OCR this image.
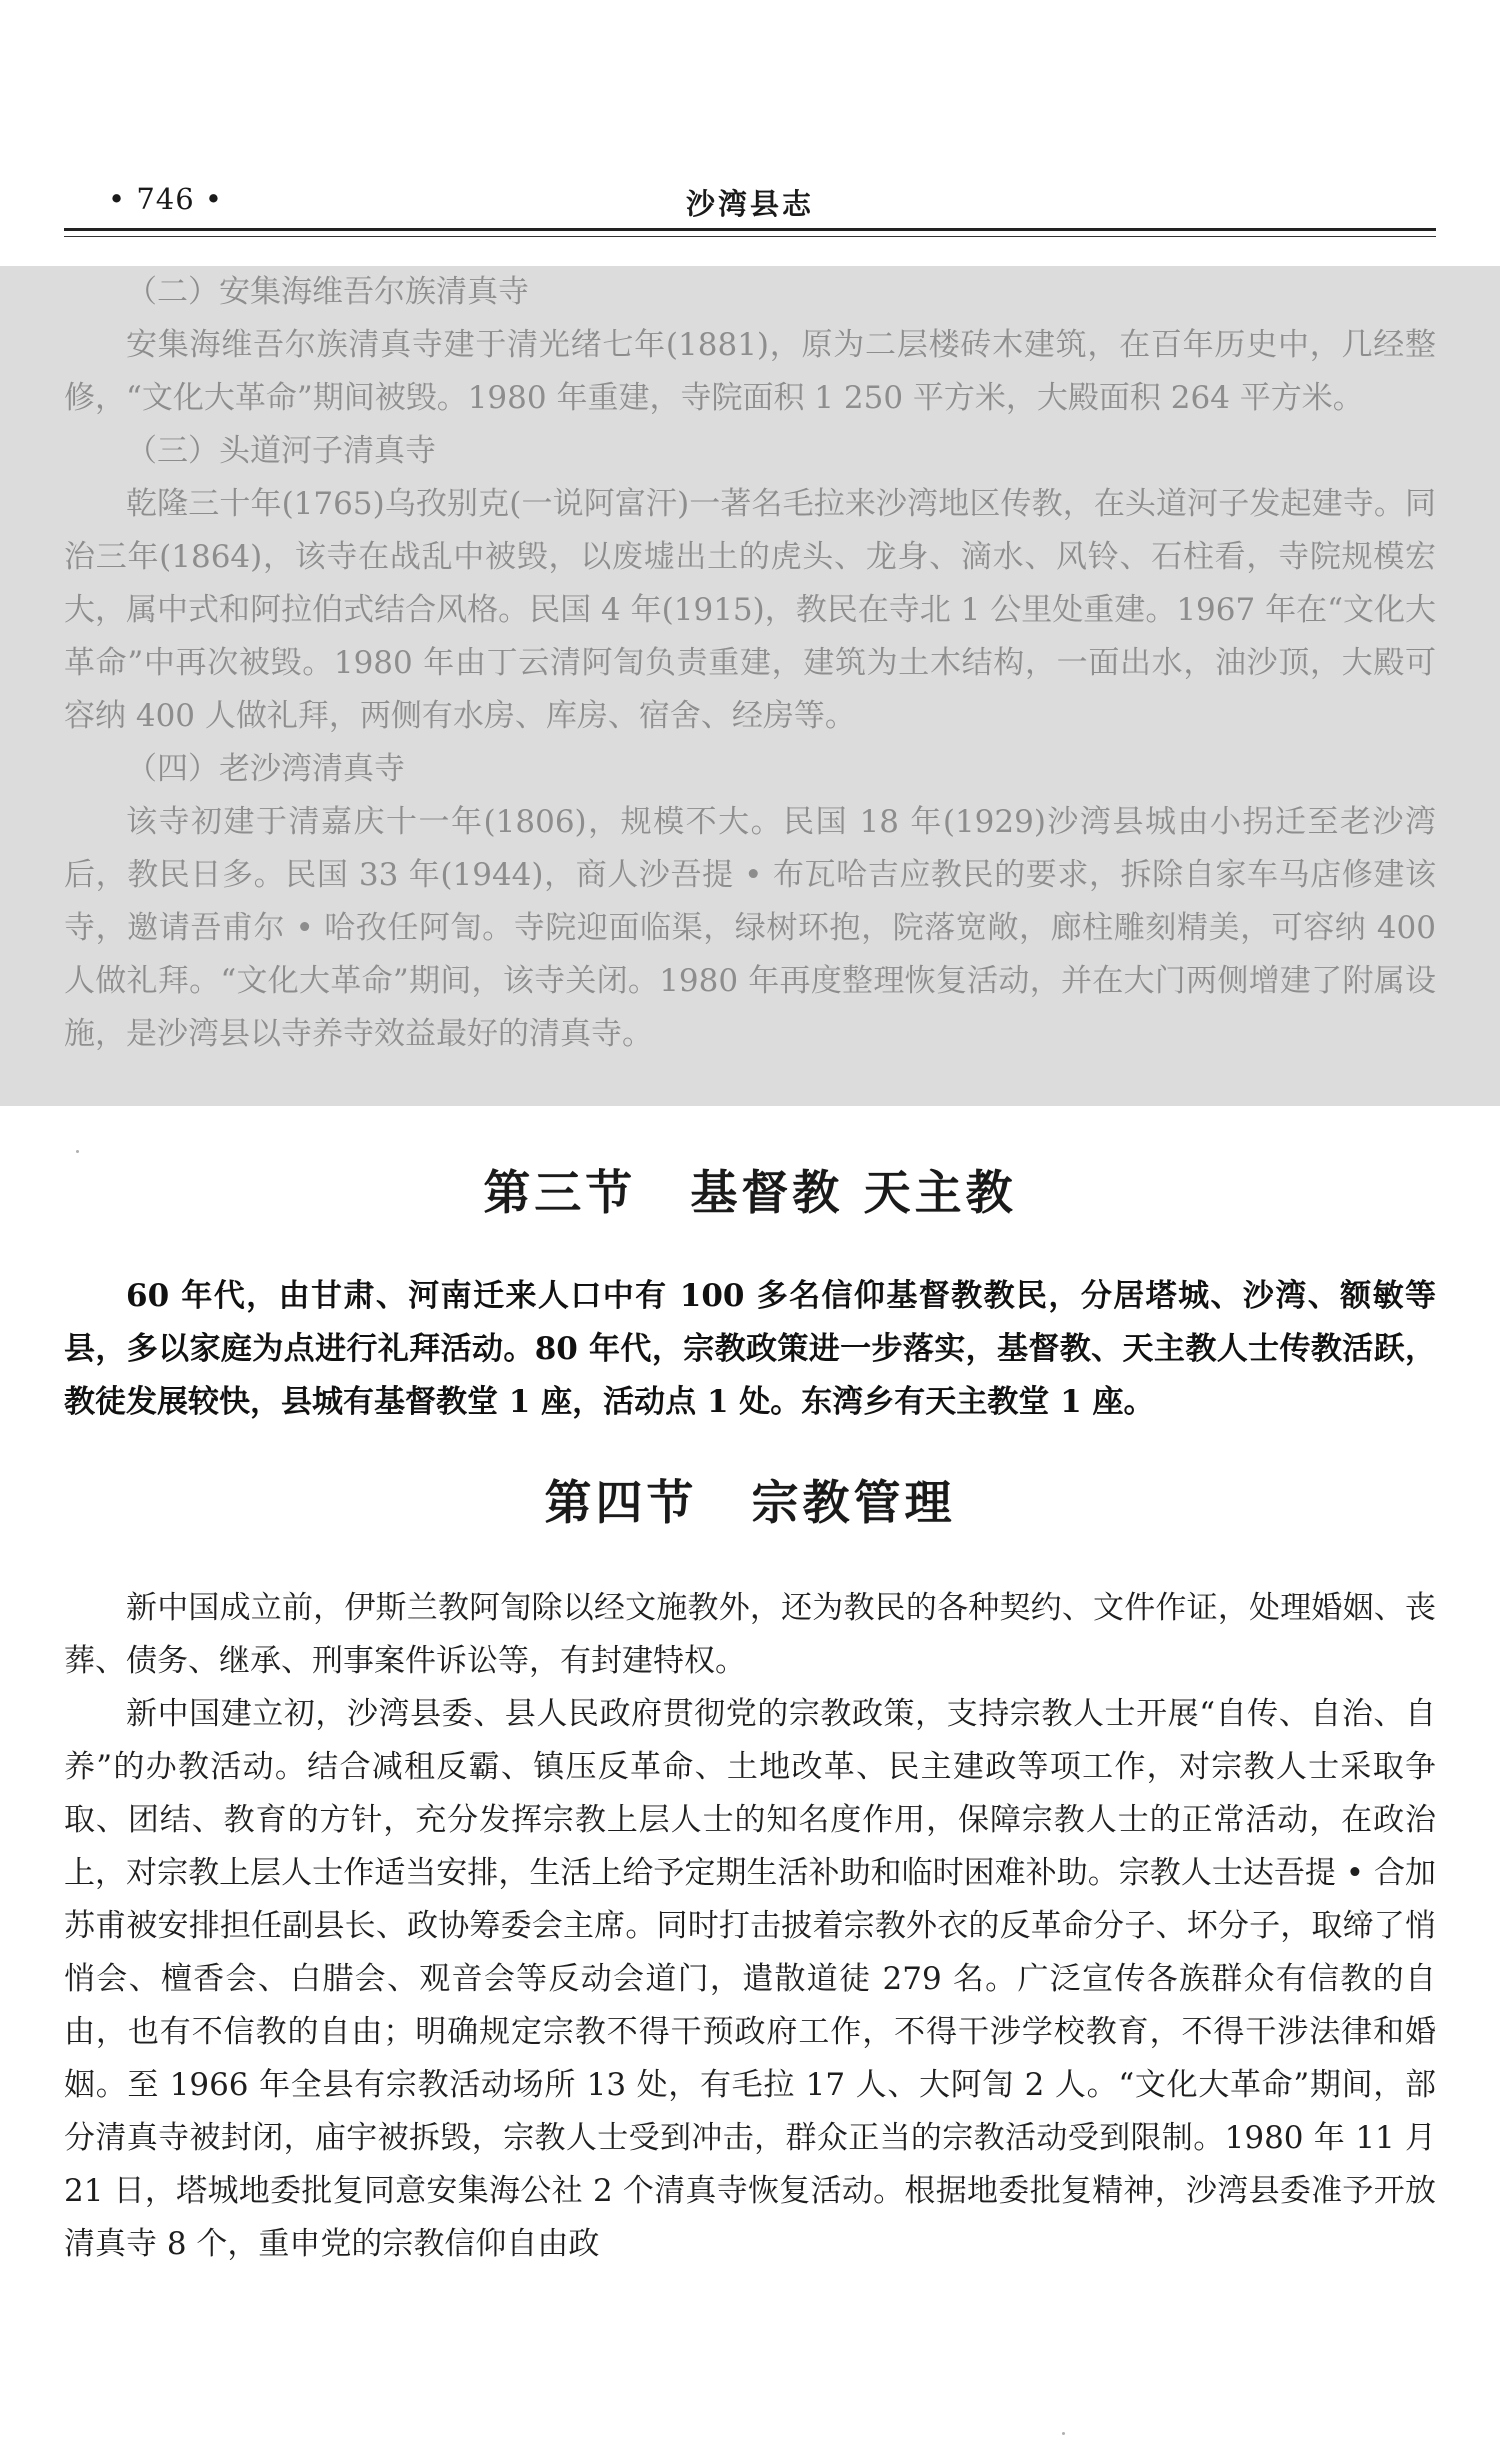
• 746 •	沙湾县志

（二）安集海维吾尔族清真寺

安集海维吾尔族清真寺建于清光绪七年(1881)，原为二层楼砖木建筑，在百年历史中，几经整修，“文化大革命”期间被毁。1980 年重建，寺院面积 1 250 平方米，大殿面积 264 平方米。

（三）头道河子清真寺

乾隆三十年(1765)乌孜别克(一说阿富汗)一著名毛拉来沙湾地区传教，在头道河子发起建寺。同治三年(1864)，该寺在战乱中被毁，以废墟出土的虎头、龙身、滴水、风铃、石柱看，寺院规模宏大，属中式和阿拉伯式结合风格。民国 4 年(1915)，教民在寺北 1 公里处重建。1967 年在“文化大革命”中再次被毁。1980 年由丁云清阿訇负责重建，建筑为土木结构，一面出水，油沙顶，大殿可容纳 400 人做礼拜，两侧有水房、库房、宿舍、经房等。

（四）老沙湾清真寺

该寺初建于清嘉庆十一年(1806)，规模不大。民国 18 年(1929)沙湾县城由小拐迁至老沙湾后，教民日多。民国 33 年(1944)，商人沙吾提 • 布瓦哈吉应教民的要求，拆除自家车马店修建该寺，邀请吾甫尔 • 哈孜任阿訇。寺院迎面临渠，绿树环抱，院落宽敞，廊柱雕刻精美，可容纳 400 人做礼拜。“文化大革命”期间，该寺关闭。1980 年再度整理恢复活动，并在大门两侧增建了附属设施，是沙湾县以寺养寺效益最好的清真寺。

第三节 基督教 天主教

60 年代，由甘肃、河南迁来人口中有 100 多名信仰基督教教民，分居塔城、沙湾、额敏等县，多以家庭为点进行礼拜活动。80 年代，宗教政策进一步落实，基督教、天主教人士传教活跃，教徒发展较快，县城有基督教堂 1 座，活动点 1 处。东湾乡有天主教堂 1 座。

第四节 宗教管理

新中国成立前，伊斯兰教阿訇除以经文施教外，还为教民的各种契约、文件作证，处理婚姻、丧葬、债务、继承、刑事案件诉讼等，有封建特权。

新中国建立初，沙湾县委、县人民政府贯彻党的宗教政策，支持宗教人士开展“自传、自治、自养”的办教活动。结合减租反霸、镇压反革命、土地改革、民主建政等项工作，对宗教人士采取争取、团结、教育的方针，充分发挥宗教上层人士的知名度作用，保障宗教人士的正常活动，在政治上，对宗教上层人士作适当安排，生活上给予定期生活补助和临时困难补助。宗教人士达吾提 • 合加苏甫被安排担任副县长、政协筹委会主席。同时打击披着宗教外衣的反革命分子、坏分子，取缔了悄悄会、檀香会、白腊会、观音会等反动会道门，遣散道徒 279 名。广泛宣传各族群众有信教的自由，也有不信教的自由；明确规定宗教不得干预政府工作，不得干涉学校教育，不得干涉法律和婚姻。至 1966 年全县有宗教活动场所 13 处，有毛拉 17 人、大阿訇 2 人。“文化大革命”期间，部分清真寺被封闭，庙宇被拆毁，宗教人士受到冲击，群众正当的宗教活动受到限制。1980 年 11 月 21 日，塔城地委批复同意安集海公社 2 个清真寺恢复活动。根据地委批复精神，沙湾县委准予开放清真寺 8 个，重申党的宗教信仰自由政
